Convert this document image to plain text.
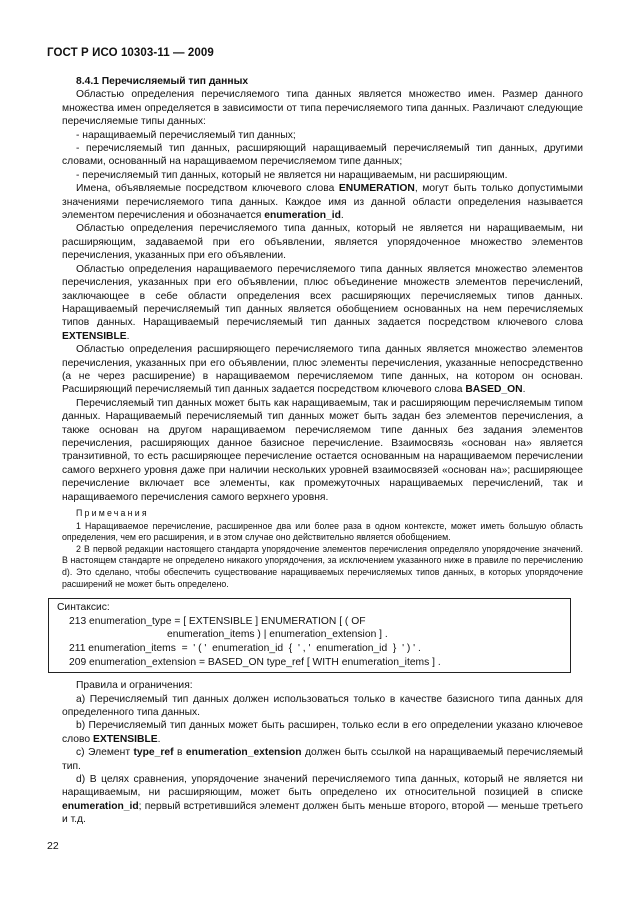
ГОСТ Р ИСО 10303-11 — 2009

8.4.1 Перечисляемый тип данных

Областью определения перечисляемого типа данных является множество имен. Размер данного множества имен определяется в зависимости от типа перечисляемого типа данных. Различают следующие перечисляемые типы данных:

- наращиваемый перечисляемый тип данных;

- перечисляемый тип данных, расширяющий наращиваемый перечисляемый тип данных, другими словами, основанный на наращиваемом перечисляемом типе данных;

- перечисляемый тип данных, который не является ни наращиваемым, ни расширяющим.

Имена, объявляемые посредством ключевого слова ENUMERATION, могут быть только допустимыми значениями перечисляемого типа данных. Каждое имя из данной области определения называется элементом перечисления и обозначается enumeration_id.

Областью определения перечисляемого типа данных, который не является ни наращиваемым, ни расширяющим, задаваемой при его объявлении, является упорядоченное множество элементов перечисления, указанных при его объявлении.

Областью определения наращиваемого перечисляемого типа данных является множество элементов перечисления, указанных при его объявлении, плюс объединение множеств элементов перечислений, заключающее в себе области определения всех расширяющих перечисляемых типов данных. Наращиваемый перечисляемый тип данных является обобщением основанных на нем перечисляемых типов данных. Наращиваемый перечисляемый тип данных задается посредством ключевого слова EXTENSIBLE.

Областью определения расширяющего перечисляемого типа данных является множество элементов перечисления, указанных при его объявлении, плюс элементы перечисления, указанные непосредственно (а не через расширение) в наращиваемом перечисляемом типе данных, на котором он основан. Расширяющий перечисляемый тип данных задается посредством ключевого слова BASED_ON.

Перечисляемый тип данных может быть как наращиваемым, так и расширяющим перечисляемым типом данных. Наращиваемый перечисляемый тип данных может быть задан без элементов перечисления, а также основан на другом наращиваемом перечисляемом типе данных без задания элементов перечисления, расширяющих данное базисное перечисление. Взаимосвязь «основан на» является транзитивной, то есть расширяющее перечисление остается основанным на наращиваемом перечислении самого верхнего уровня даже при наличии нескольких уровней взаимосвязей «основан на»; расширяющее перечисление включает все элементы, как промежуточных наращиваемых перечислений, так и наращиваемого перечисления самого верхнего уровня.

Примечания

1 Наращиваемое перечисление, расширенное два или более раза в одном контексте, может иметь большую область определения, чем его расширения, и в этом случае оно действительно является обобщением.

2 В первой редакции настоящего стандарта упорядочение элементов перечисления определяло упорядочение значений. В настоящем стандарте не определено никакого упорядочения, за исключением указанного ниже в правиле по перечислению d). Это сделано, чтобы обеспечить существование наращиваемых перечисляемых типов данных, в которых упорядочение расширений не может быть определено.

Синтаксис:
213 enumeration_type = [ EXTENSIBLE ] ENUMERATION [ ( OF
enumeration_items ) | enumeration_extension ] .
211 enumeration_items  =  ' ( '  enumeration_id  {  ' , '  enumeration_id  }  ' ) ' .
209 enumeration_extension = BASED_ON type_ref [ WITH enumeration_items ] .

Правила и ограничения:

a) Перечисляемый тип данных должен использоваться только в качестве базисного типа данных для определенного типа данных.

b) Перечисляемый тип данных может быть расширен, только если в его определении указано ключевое слово EXTENSIBLE.

c) Элемент type_ref в enumeration_extension должен быть ссылкой на наращиваемый перечисляемый тип.

d) В целях сравнения, упорядочение значений перечисляемого типа данных, который не является ни наращиваемым, ни расширяющим, может быть определено их относительной позицией в списке enumeration_id; первый встретившийся элемент должен быть меньше второго, второй — меньше третьего и т.д.

22
